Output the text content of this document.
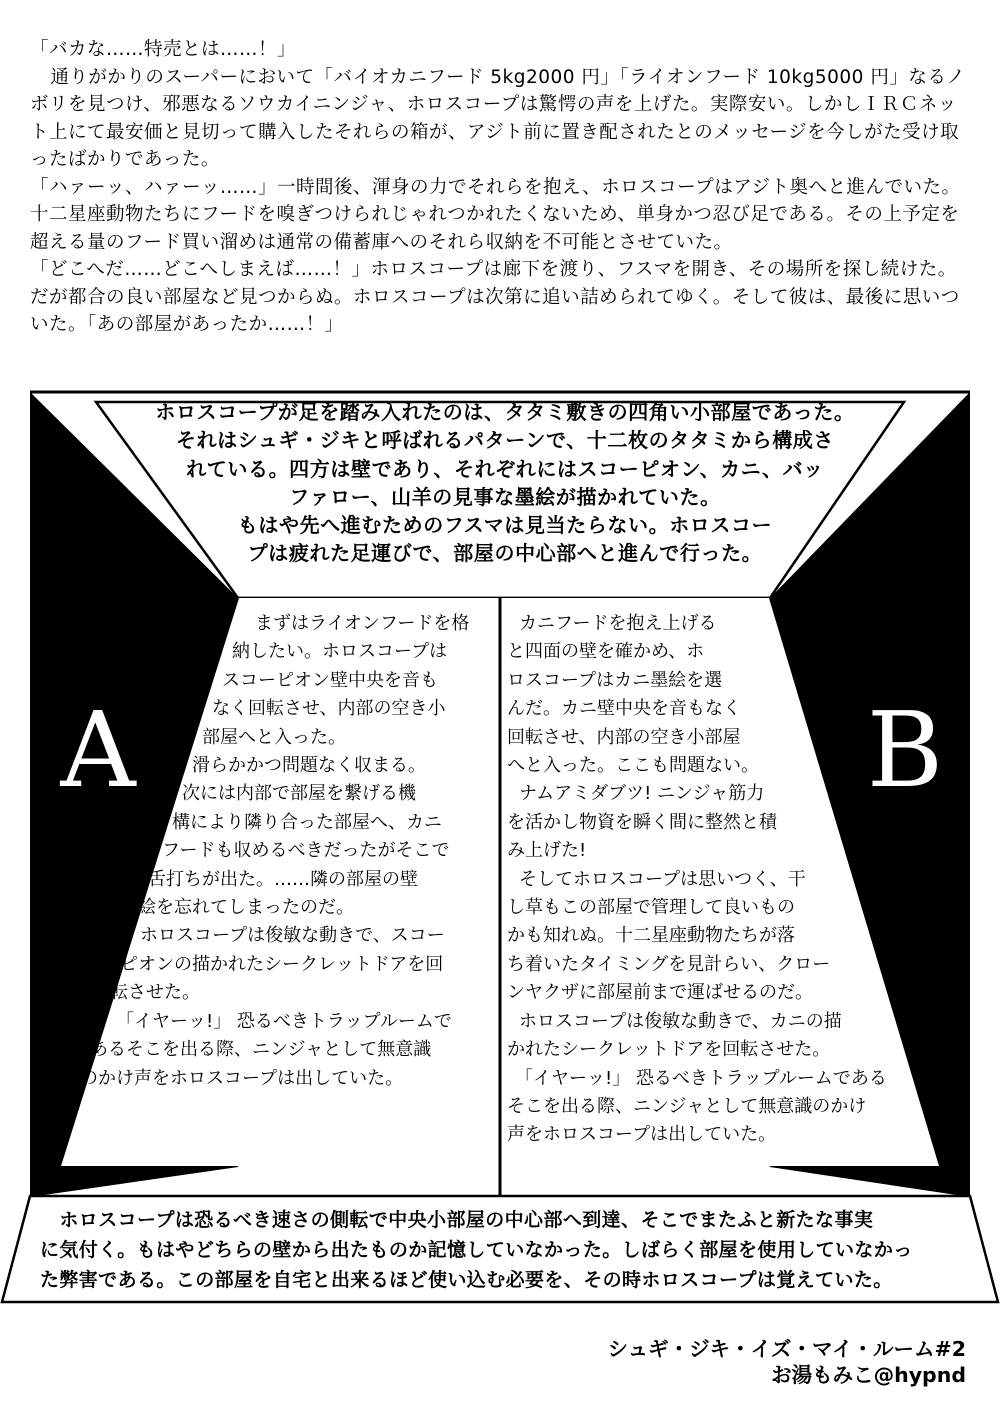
「バカな……特売とは……！」

通りがかりのスーパーにおいて「バイオカニフード 5kg2000 円」「ライオンフード 10kg5000 円」なるノボリを見つけ、邪悪なるソウカイニンジャ、ホロスコープは驚愕の声を上げた。実際安い。しかしＩＲＣネット上にて最安価と見切って購入したそれらの箱が、アジト前に置き配されたとのメッセージを今しがた受け取ったばかりであった。

「ハァーッ、ハァーッ……」一時間後、渾身の力でそれらを抱え、ホロスコープはアジト奥へと進んでいた。十二星座動物たちにフードを嗅ぎつけられじゃれつかれたくないため、単身かつ忍び足である。その上予定を超える量のフード買い溜めは通常の備蓄庫へのそれら収納を不可能とさせていた。

「どこへだ……どこへしまえば……！」ホロスコープは廊下を渡り、フスマを開き、その場所を探し続けた。だが都合の良い部屋など見つからぬ。ホロスコープは次第に追い詰められてゆく。そして彼は、最後に思いついた。「あの部屋があったか……！」

A	B
ホロスコープが足を踏み入れたのは、タタミ敷きの四角い小部屋であった。
それはシュギ・ジキと呼ばれるパターンで、十二枚のタタミから構成さ
れている。四方は壁であり、それぞれにはスコーピオン、カニ、バッ
ファロー、山羊の見事な墨絵が描かれていた。
もはや先へ進むためのフスマは見当たらない。ホロスコー
プは疲れた足運びで、部屋の中心部へと進んで行った。
まずはライオンフードを格
納したい。ホロスコープは
スコーピオン壁中央を音も
なく回転させ、内部の空き小
部屋へと入った。
滑らかかつ問題なく収まる。
次には内部で部屋を繋げる機
構により隣り合った部屋へ、カニ
フードも収めるべきだったがそこで
舌打ちが出た。……隣の部屋の壁
絵を忘れてしまったのだ。
ホロスコープは俊敏な動きで、スコー
ピオンの描かれたシークレットドアを回
転させた。
「イヤーッ!」 恐るべきトラップルームで
あるそこを出る際、ニンジャとして無意識
のかけ声をホロスコープは出していた。
カニフードを抱え上げる
と四面の壁を確かめ、ホ
ロスコープはカニ墨絵を選
んだ。カニ壁中央を音もなく
回転させ、内部の空き小部屋
へと入った。ここも問題ない。
ナムアミダブツ! ニンジャ筋力
を活かし物資を瞬く間に整然と積
み上げた!
そしてホロスコープは思いつく、干
し草もこの部屋で管理して良いもの
かも知れぬ。十二星座動物たちが落
ち着いたタイミングを見計らい、クロー
ンヤクザに部屋前まで運ばせるのだ。
ホロスコープは俊敏な動きで、カニの描
かれたシークレットドアを回転させた。
「イヤーッ!」 恐るべきトラップルームである
そこを出る際、ニンジャとして無意識のかけ
声をホロスコープは出していた。
　ホロスコープは恐るべき速さの側転で中央小部屋の中心部へ到達、そこでまたふと新たな事実
に気付く。もはやどちらの壁から出たものか記憶していなかった。しばらく部屋を使用していなかっ
た弊害である。この部屋を自宅と出来るほど使い込む必要を、その時ホロスコープは覚えていた。
シュギ・ジキ・イズ・マイ・ルーム#2
お湯もみこ@hypnd
